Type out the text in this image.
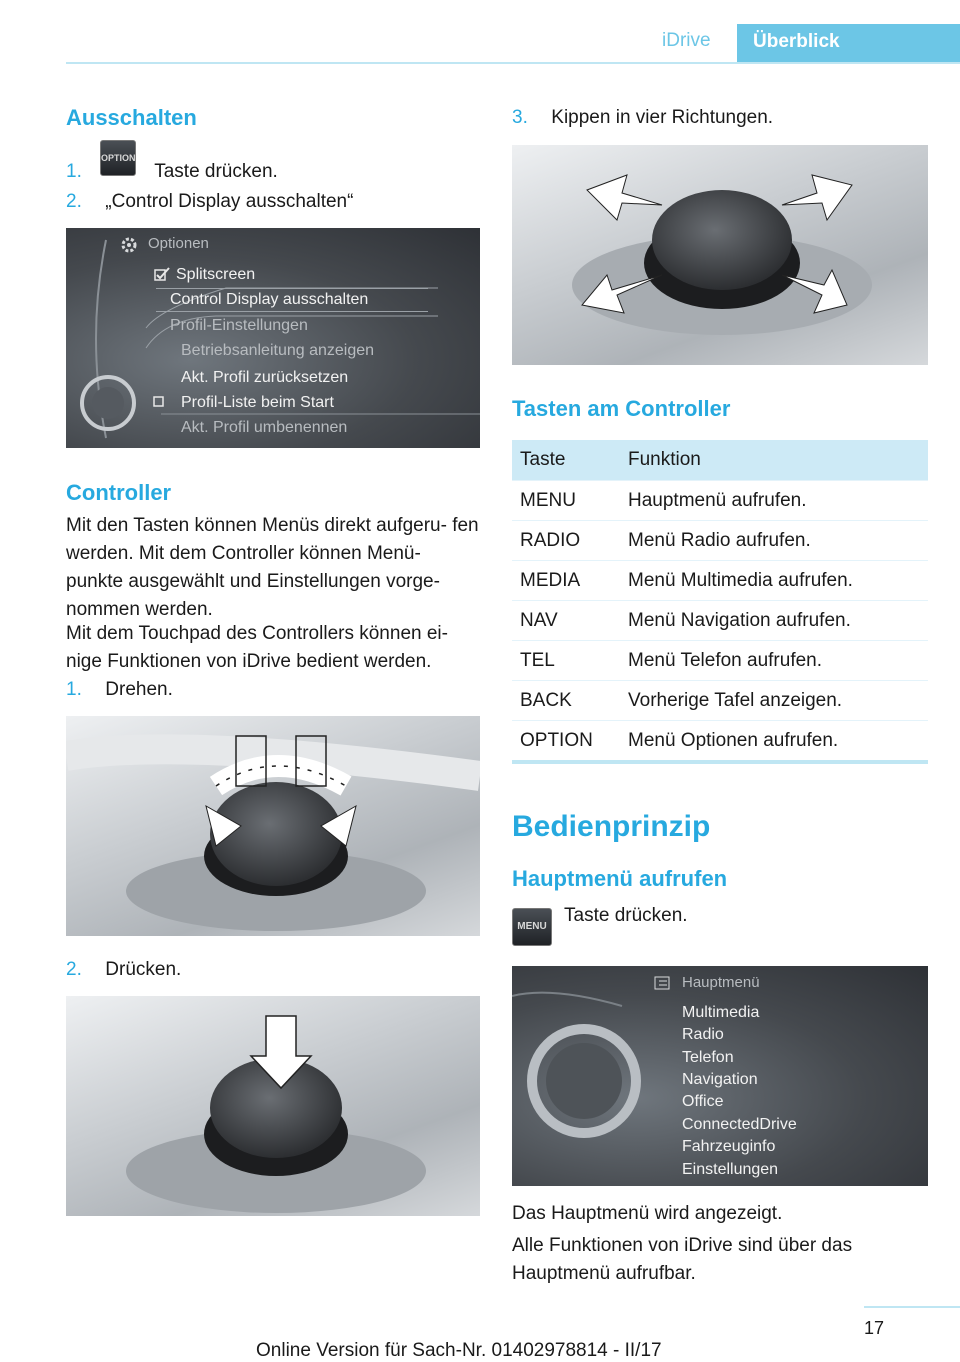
iDrive	Überblick
Ausschalten
1.	Taste drücken.
OPTION
2. „Control Display ausschalten“
Optionen
Splitscreen
Control Display ausschalten
Profil-Einstellungen
Betriebsanleitung anzeigen
Akt. Profil zurücksetzen
Profil-Liste beim Start
Akt. Profil umbenennen
Controller
Mit den Tasten können Menüs direkt aufgeru‐ fen werden. Mit dem Controller können Menü‐ punkte ausgewählt und Einstellungen vorge‐ nommen werden.
Mit dem Touchpad des Controllers können ei‐ nige Funktionen von iDrive bedient werden.
1. Drehen.
2. Drücken.
3. Kippen in vier Richtungen.
Tasten am Controller
Taste	Funktion
MENU	Hauptmenü aufrufen.
RADIO	Menü Radio aufrufen.
MEDIA	Menü Multimedia aufrufen.
NAV	Menü Navigation aufrufen.
TEL	Menü Telefon aufrufen.
BACK	Vorherige Tafel anzeigen.
OPTION	Menü Optionen aufrufen.
Bedienprinzip
Hauptmenü aufrufen
MENU
Taste drücken.
Hauptmenü
Multimedia
Radio
Telefon
Navigation
Office
ConnectedDrive
Fahrzeuginfo
Einstellungen
Das Hauptmenü wird angezeigt.
Alle Funktionen von iDrive sind über das Hauptmenü aufrufbar.
17
Online Version für Sach-Nr. 01402978814 - II/17
